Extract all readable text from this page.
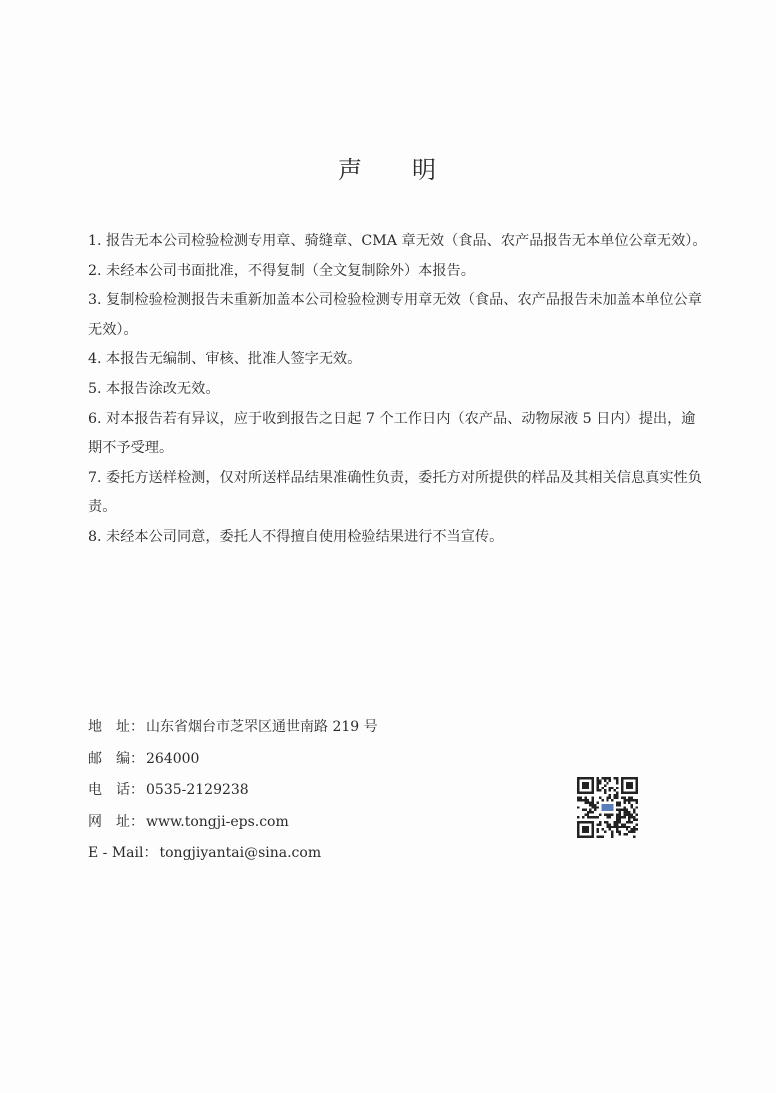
声 明

1. 报告无本公司检验检测专用章、骑缝章、CMA 章无效（食品、农产品报告无本单位公章无效）。

2. 未经本公司书面批准，不得复制（全文复制除外）本报告。

3. 复制检验检测报告未重新加盖本公司检验检测专用章无效（食品、农产品报告未加盖本单位公章无效）。

4. 本报告无编制、审核、批准人签字无效。

5. 本报告涂改无效。

6. 对本报告若有异议，应于收到报告之日起 7 个工作日内（农产品、动物尿液 5 日内）提出，逾期不予受理。

7. 委托方送样检测，仅对所送样品结果准确性负责，委托方对所提供的样品及其相关信息真实性负责。

8. 未经本公司同意，委托人不得擅自使用检验结果进行不当宣传。

地 址 ： 山东省烟台市芝罘区通世南路 219 号
邮 编 ： 264000
电 话 ： 0535-2129238
网 址 ： www.tongji-eps.com
E - Mail ： tongjiyantai@sina.com
